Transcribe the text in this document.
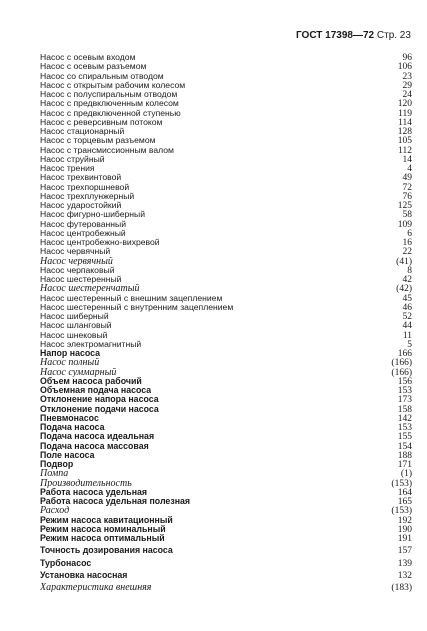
ГОСТ 17398—72 Стр. 23
Насос с осевым входом	96
Насос с осевым разъемом	106
Насос со спиральным отводом	23
Насос с открытым рабочим колесом	29
Насос с полуспиральным отводом	24
Насос с предвключенным колесом	120
Насос с предвключенной ступенью	119
Насос с реверсивным потоком	114
Насос стационарный	128
Насос с торцевым разъемом	105
Насос с трансмиссионным валом	112
Насос струйный	14
Насос трения	4
Насос трехвинтовой	49
Насос трехпоршневой	72
Насос трехплунжерный	76
Насос ударостойкий	125
Насос фигурно-шиберный	58
Насос футерованный	109
Насос центробежный	6
Насос центробежно-вихревой	16
Насос червячный	22
Насос червячный	(41)
Насос черпаковый	8
Насос шестеренный	42
Насос шестеренчатый	(42)
Насос шестеренный с внешним зацеплением	45
Насос шестеренный с внутренним зацеплением	46
Насос шиберный	52
Насос шланговый	44
Насос шнековый	11
Насос электромагнитный	5
Напор насоса	166
Насос полный	(166)
Насос суммарный	(166)
Объем насоса рабочий	156
Объемная подача насоса	153
Отклонение напора насоса	173
Отклонение подачи насоса	158
Пневмонасос	142
Подача насоса	153
Подача насоса идеальная	155
Подача насоса массовая	154
Поле насоса	188
Подвор	171
Помпа	(1)
Производительность	(153)
Работа насоса удельная	164
Работа насоса удельная полезная	165
Расход	(153)
Режим насоса кавитационный	192
Режим насоса номинальный	190
Режим насоса оптимальный	191
Точность дозирования насоса	157
Турбонасос	139
Установка насосная	132
Характеристика внешняя	(183)
